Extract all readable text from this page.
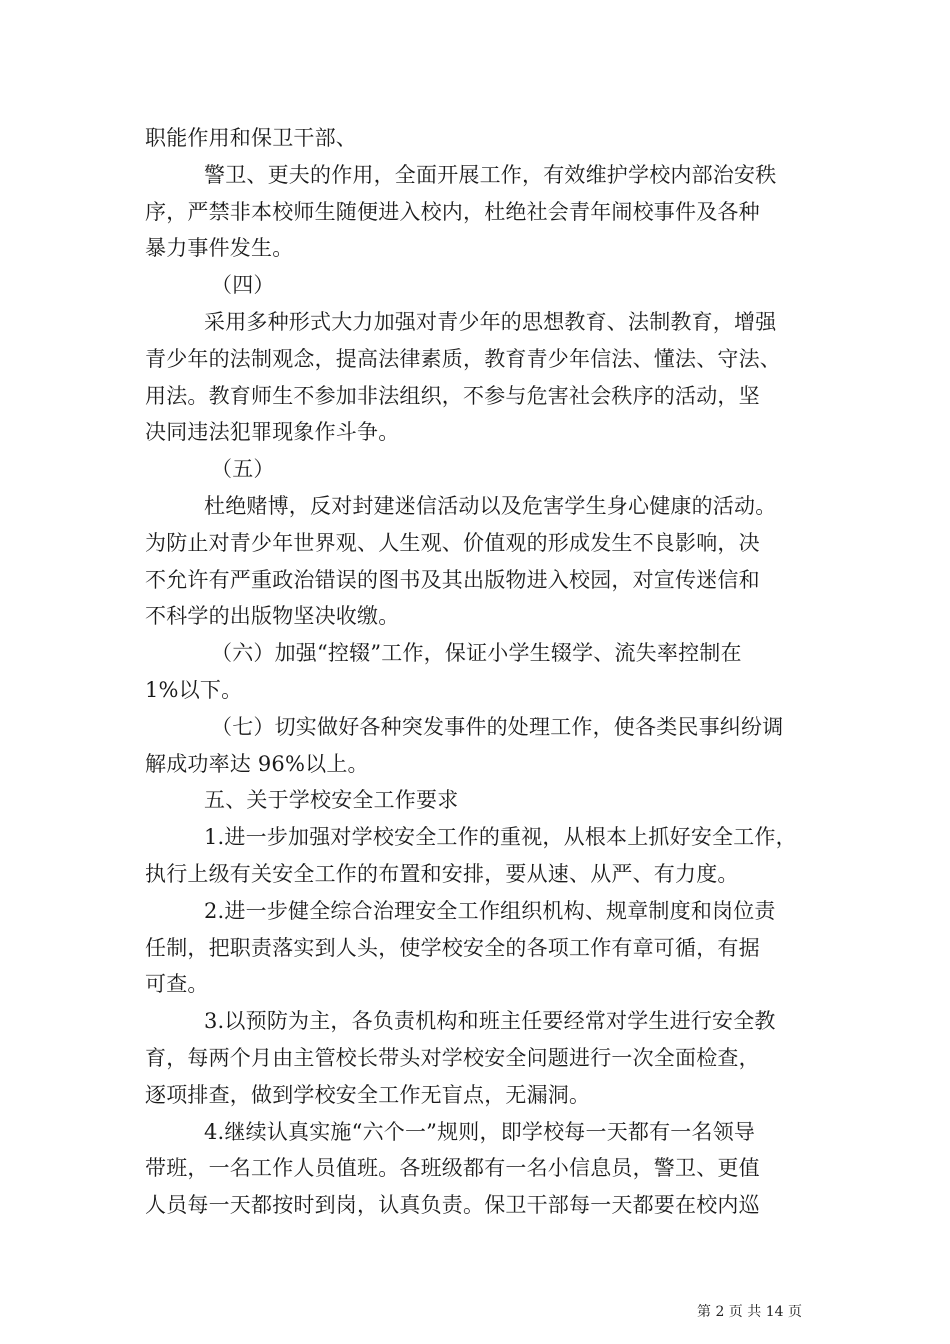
职能作用和保卫干部、

警卫、更夫的作用，全面开展工作，有效维护学校内部治安秩

序，严禁非本校师生随便进入校内，杜绝社会青年闹校事件及各种

暴力事件发生。

（四）

采用多种形式大力加强对青少年的思想教育、法制教育，增强

青少年的法制观念，提高法律素质，教育青少年信法、懂法、守法、

用法。教育师生不参加非法组织，不参与危害社会秩序的活动，坚

决同违法犯罪现象作斗争。

（五）

杜绝赌博，反对封建迷信活动以及危害学生身心健康的活动。

为防止对青少年世界观、人生观、价值观的形成发生不良影响，决

不允许有严重政治错误的图书及其出版物进入校园，对宣传迷信和

不科学的出版物坚决收缴。

（六）加强“控辍”工作，保证小学生辍学、流失率控制在

1%以下。

（七）切实做好各种突发事件的处理工作，使各类民事纠纷调

解成功率达 96%以上。

五、关于学校安全工作要求

1.进一步加强对学校安全工作的重视，从根本上抓好安全工作，

执行上级有关安全工作的布置和安排，要从速、从严、有力度。

2.进一步健全综合治理安全工作组织机构、规章制度和岗位责

任制，把职责落实到人头，使学校安全的各项工作有章可循，有据

可查。

3.以预防为主，各负责机构和班主任要经常对学生进行安全教

育，每两个月由主管校长带头对学校安全问题进行一次全面检查，

逐项排查，做到学校安全工作无盲点，无漏洞。

4.继续认真实施“六个一”规则，即学校每一天都有一名领导

带班，一名工作人员值班。各班级都有一名小信息员，警卫、更值

人员每一天都按时到岗，认真负责。保卫干部每一天都要在校内巡

第 2 页 共 14 页
